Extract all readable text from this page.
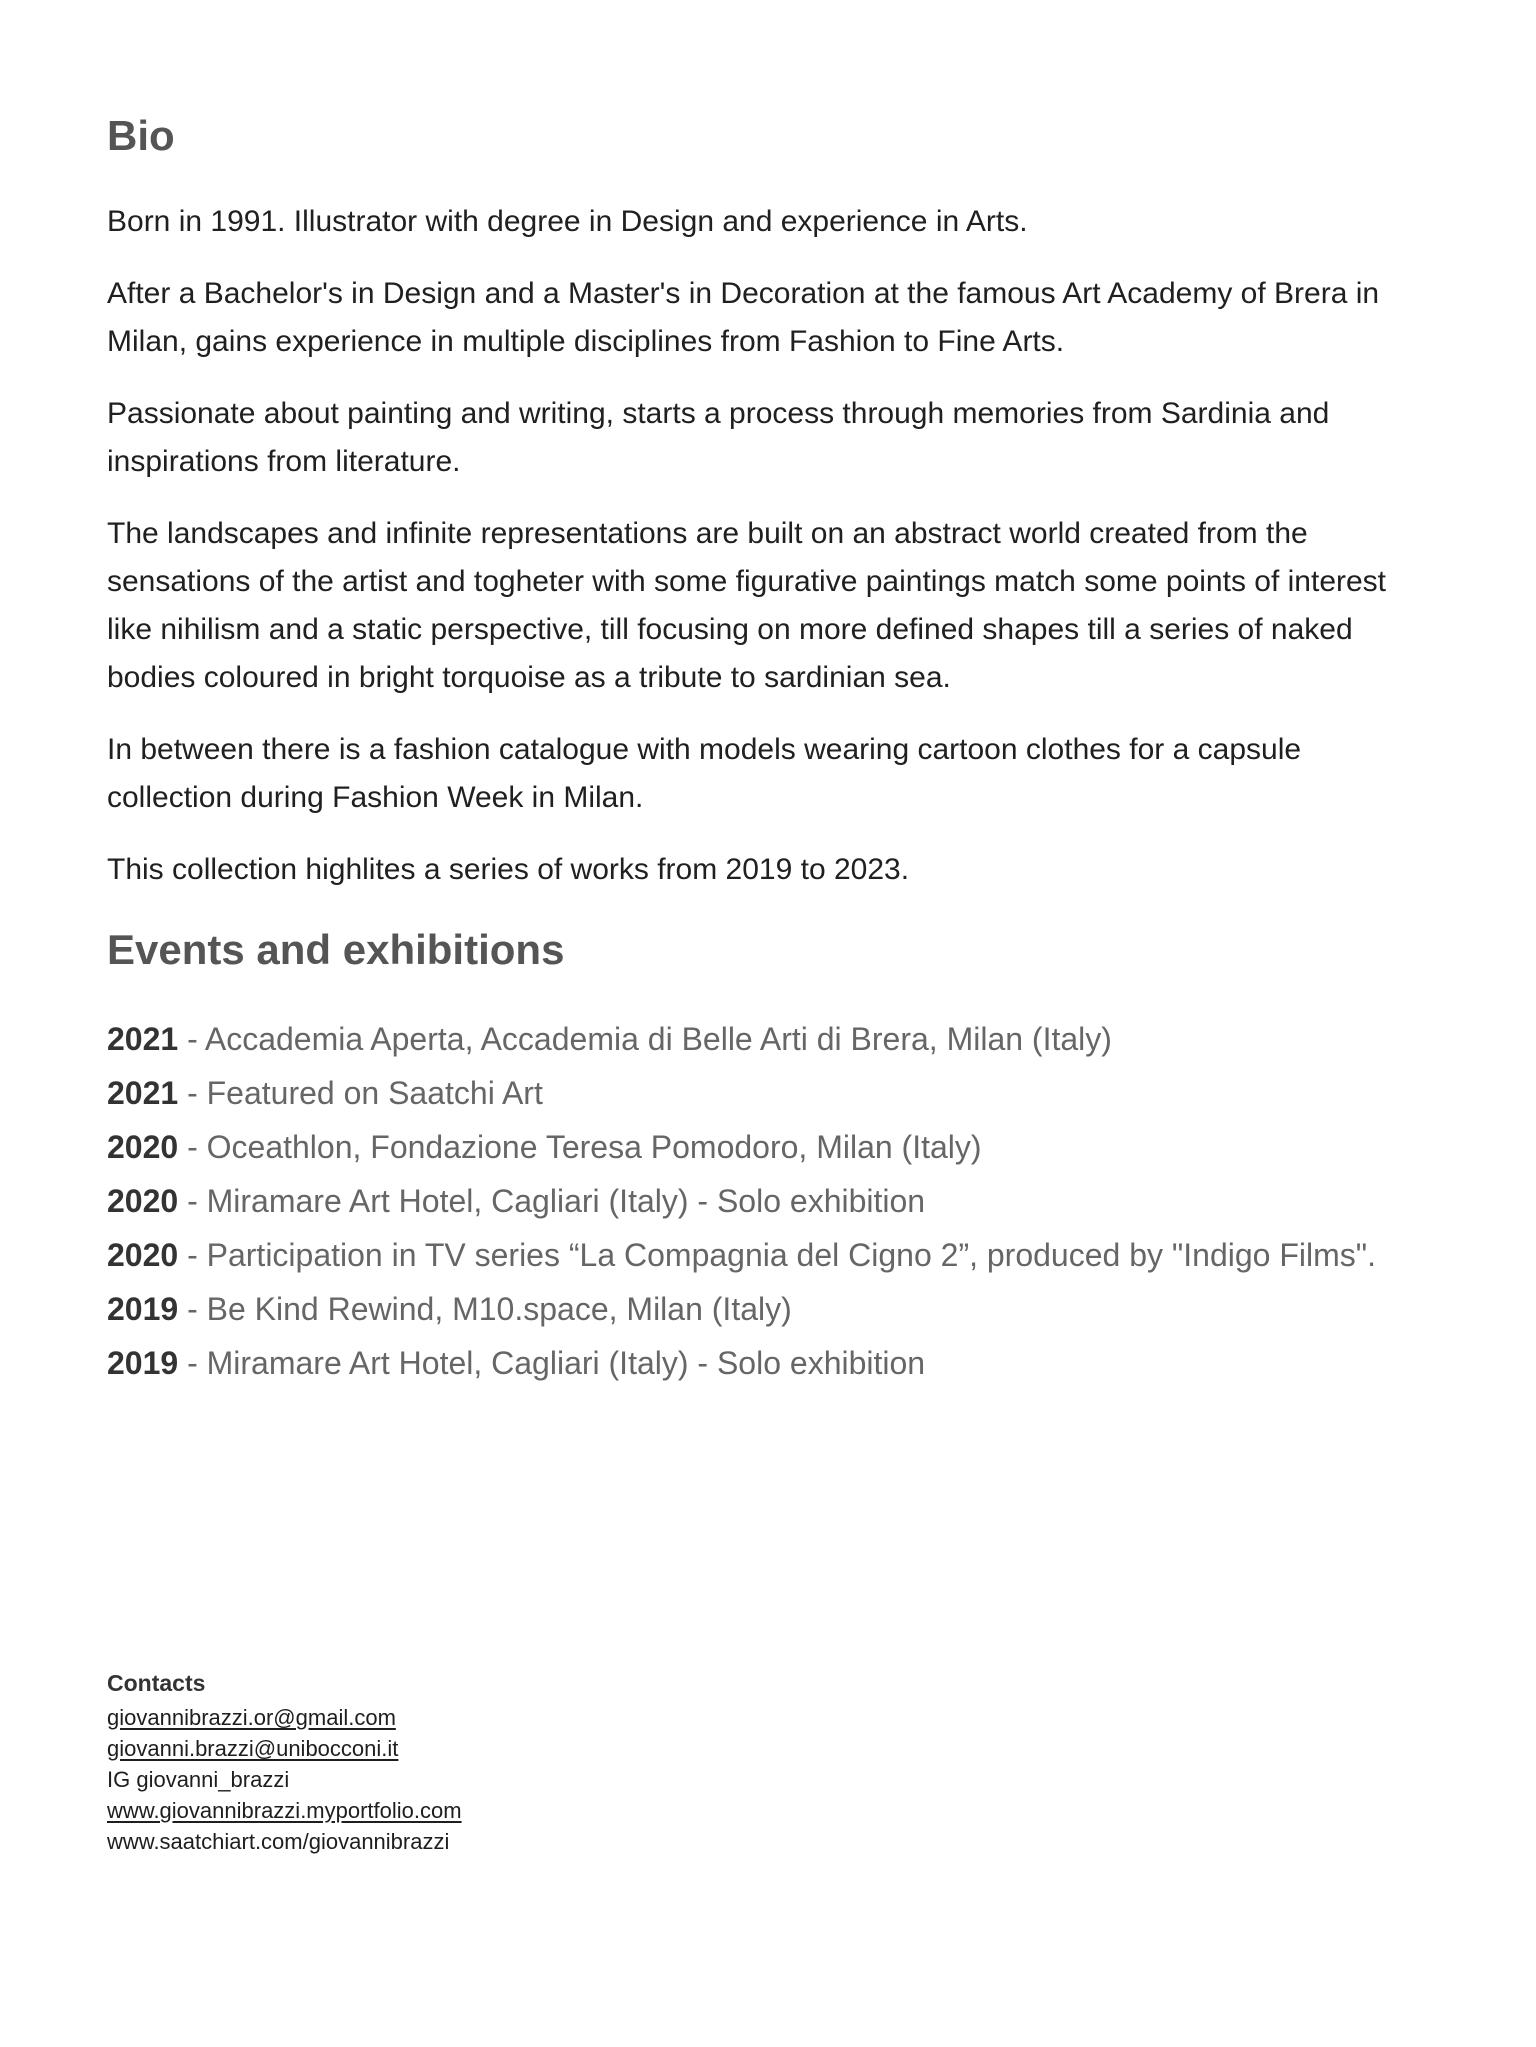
Bio

Born in 1991. Illustrator with degree in Design and experience in Arts.

After a Bachelor's in Design and a Master's in Decoration at the famous Art Academy of Brera in Milan, gains experience in multiple disciplines from Fashion to Fine Arts.

Passionate about painting and writing, starts a process through memories from Sardinia and inspirations from literature.

The landscapes and infinite representations are built on an abstract world created from the sensations of the artist and togheter with some figurative paintings match some points of interest like nihilism and a static perspective, till focusing on more defined shapes till a series of naked bodies coloured in bright torquoise as a tribute to sardinian sea.

In between there is a fashion catalogue with models wearing cartoon clothes for a capsule collection during Fashion Week in Milan.

This collection highlites a series of works from 2019 to 2023.

Events and exhibitions
2021 - Accademia Aperta, Accademia di Belle Arti di Brera, Milan (Italy)
2021 - Featured on Saatchi Art
2020 - Oceathlon, Fondazione Teresa Pomodoro, Milan (Italy)
2020 - Miramare Art Hotel, Cagliari (Italy) - Solo exhibition
2020 - Participation in TV series “La Compagnia del Cigno 2”, produced by "Indigo Films".
2019 - Be Kind Rewind, M10.space, Milan (Italy)
2019 - Miramare Art Hotel, Cagliari (Italy) - Solo exhibition
Contacts
giovannibrazzi.or@gmail.com
giovanni.brazzi@unibocconi.it
IG giovanni_brazzi
www.giovannibrazzi.myportfolio.com
www.saatchiart.com/giovannibrazzi
